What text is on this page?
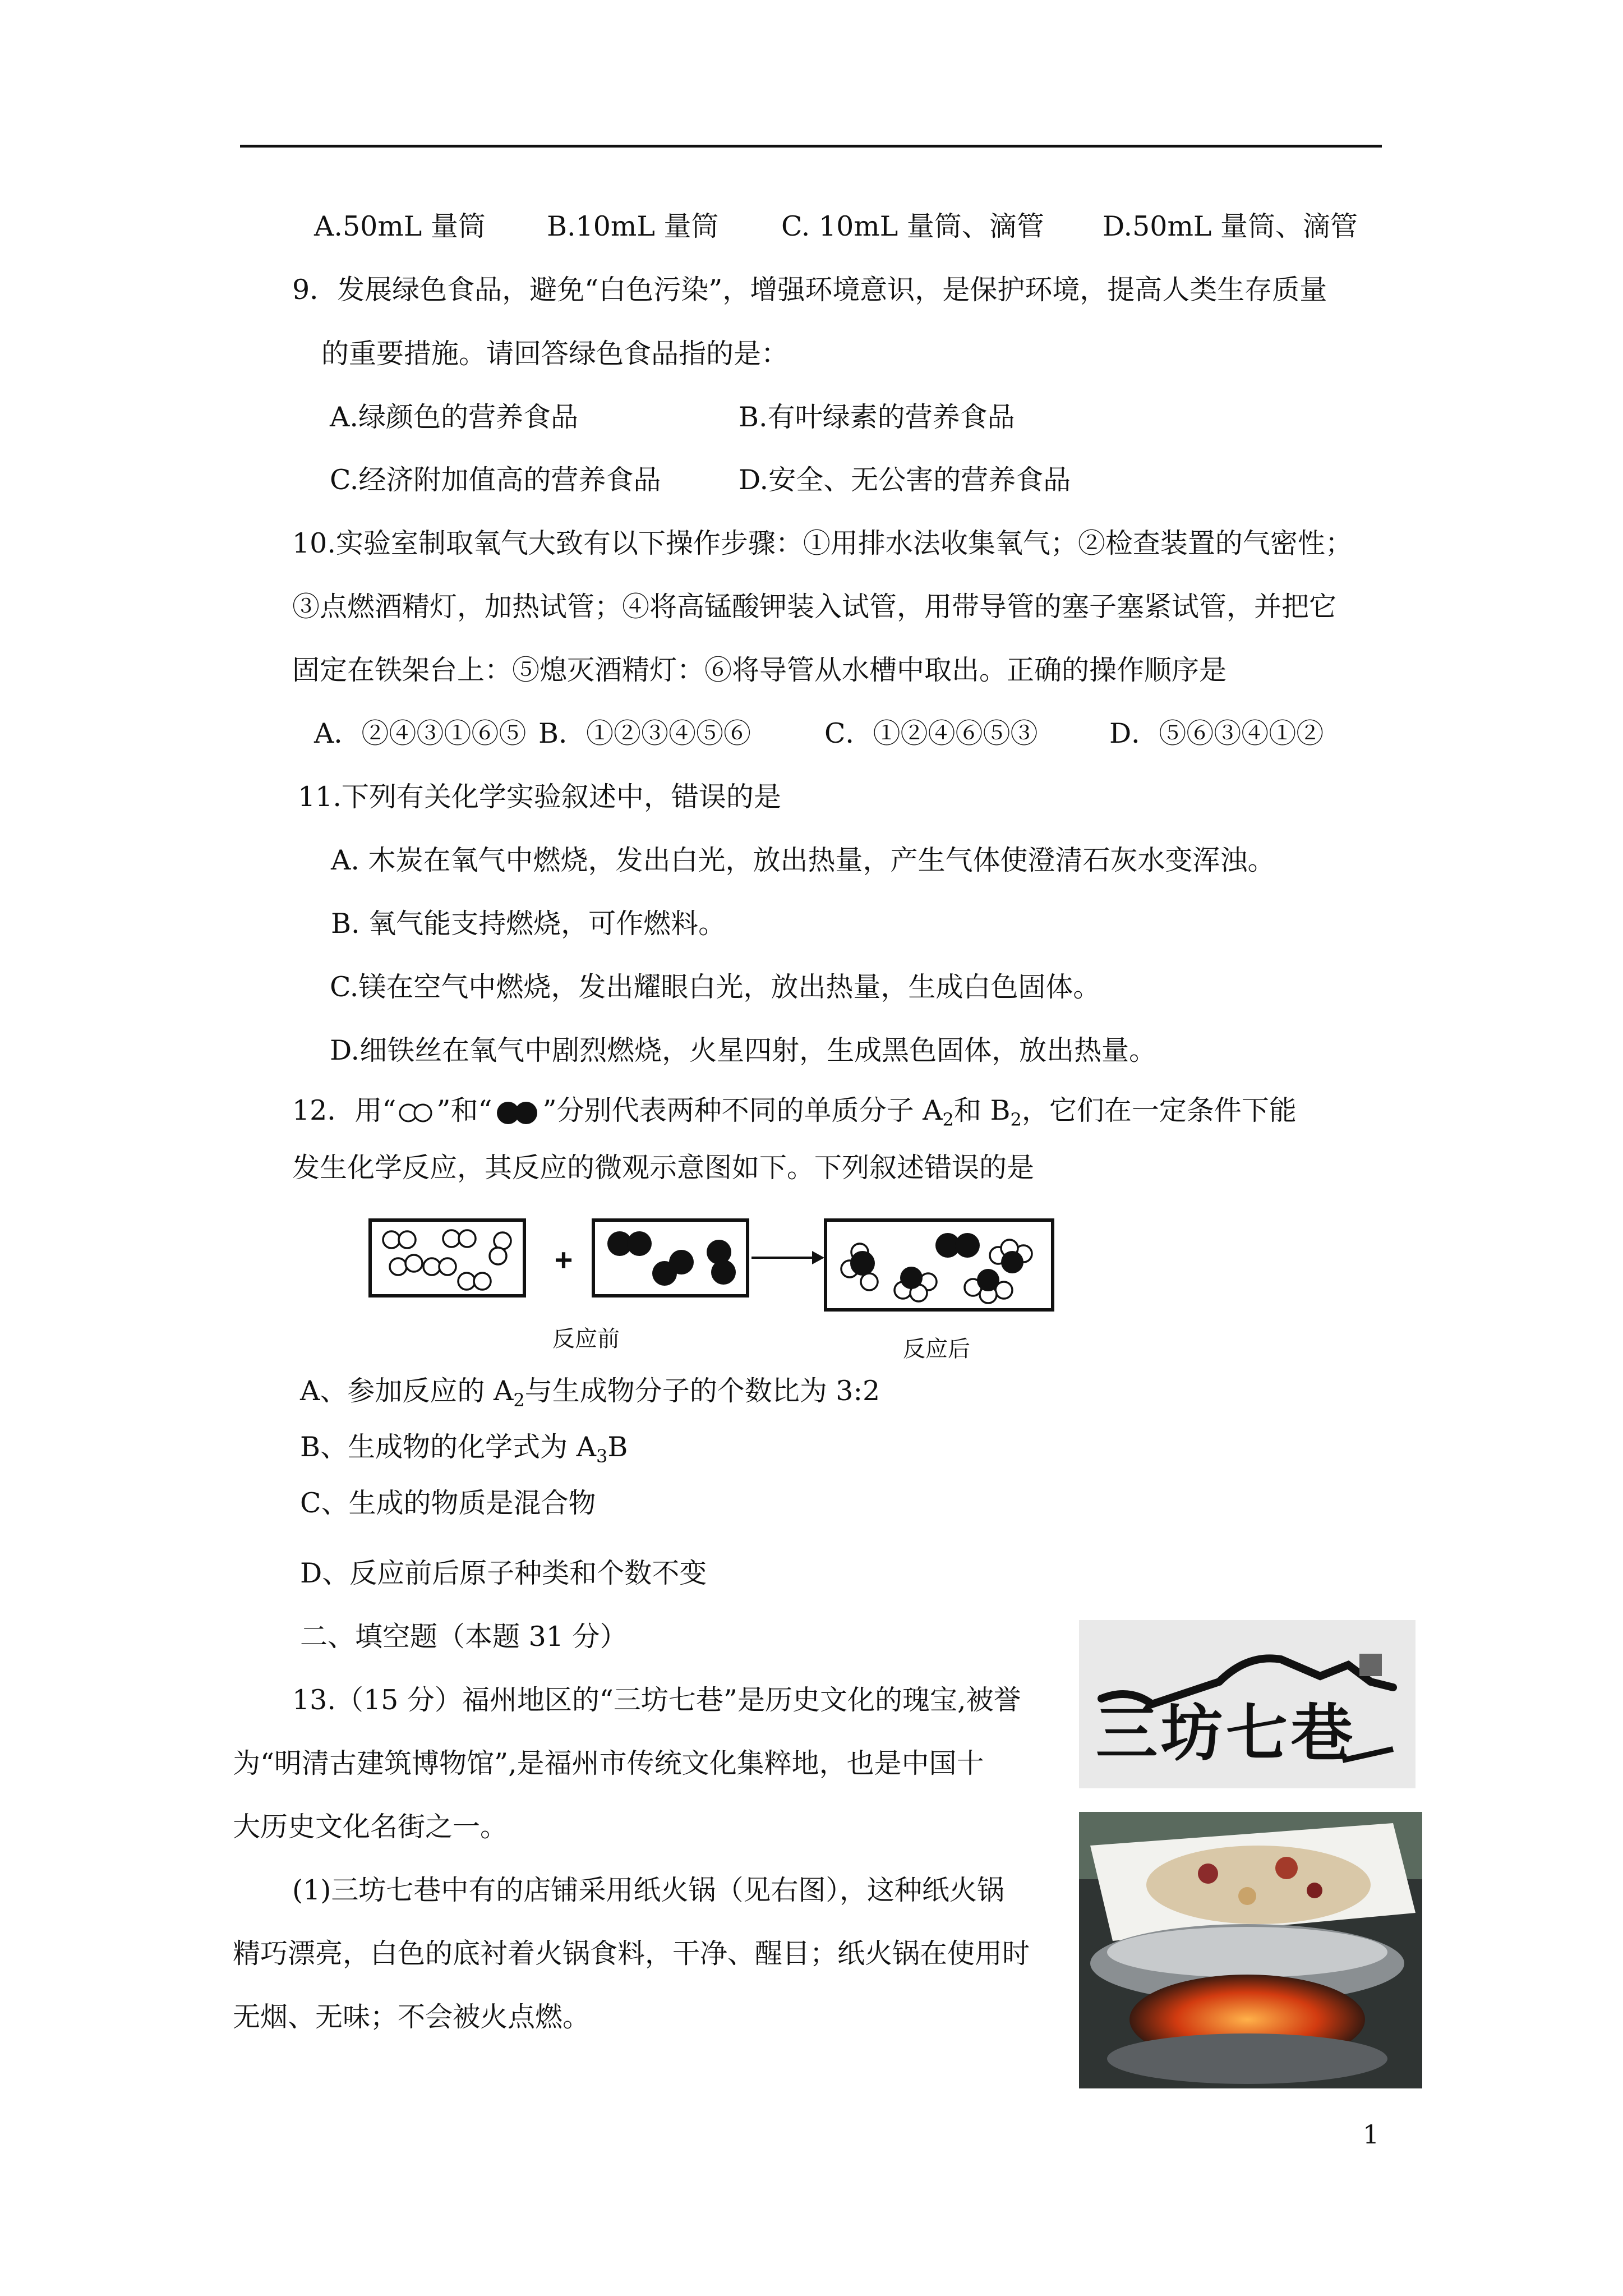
A.50mL 量筒 B.10mL 量筒 C. 10mL 量筒、滴管 D.50mL 量筒、滴管
9．发展绿色食品，避免“白色污染”，增强环境意识，是保护环境，提高人类生存质量
的重要措施。请回答绿色食品指的是：
A.绿颜色的营养食品	B.有叶绿素的营养食品
C.经济附加值高的营养食品	D.安全、无公害的营养食品
10.实验室制取氧气大致有以下操作步骤：①用排水法收集氧气；②检查装置的气密性；
③点燃酒精灯，加热试管；④将高锰酸钾装入试管，用带导管的塞子塞紧试管，并把它
固定在铁架台上：⑤熄灭酒精灯：⑥将导管从水槽中取出。正确的操作顺序是
A．②④③①⑥⑤ B．①②③④⑤⑥	C．①②④⑥⑤③	D．⑤⑥③④①②
11.下列有关化学实验叙述中，错误的是
A. 木炭在氧气中燃烧，发出白光，放出热量，产生气体使澄清石灰水变浑浊。
B. 氧气能支持燃烧，可作燃料。
C.镁在空气中燃烧，发出耀眼白光，放出热量，生成白色固体。
D.细铁丝在氧气中剧烈燃烧，火星四射，生成黑色固体，放出热量。
12．用“ ”和“ ”分别代表两种不同的单质分子 $A_2$和 $B_2$，它们在一定条件下能
发生化学反应，其反应的微观示意图如下。下列叙述错误的是
+
反应前	反应后
A、参加反应的 $A_2$与生成物分子的个数比为 3:2
B、生成物的化学式为 $A_3B$
C、生成的物质是混合物
D、反应前后原子种类和个数不变
二、填空题（本题 31 分）
13.（15 分）福州地区的“三坊七巷”是历史文化的瑰宝,被誉
为“明清古建筑博物馆”,是福州市传统文化集粹地，也是中国十
大历史文化名街之一。
(1)三坊七巷中有的店铺采用纸火锅（见右图），这种纸火锅
精巧漂亮，白色的底衬着火锅食料，干净、醒目；纸火锅在使用时
无烟、无味；不会被火点燃。
三坊七巷
1
